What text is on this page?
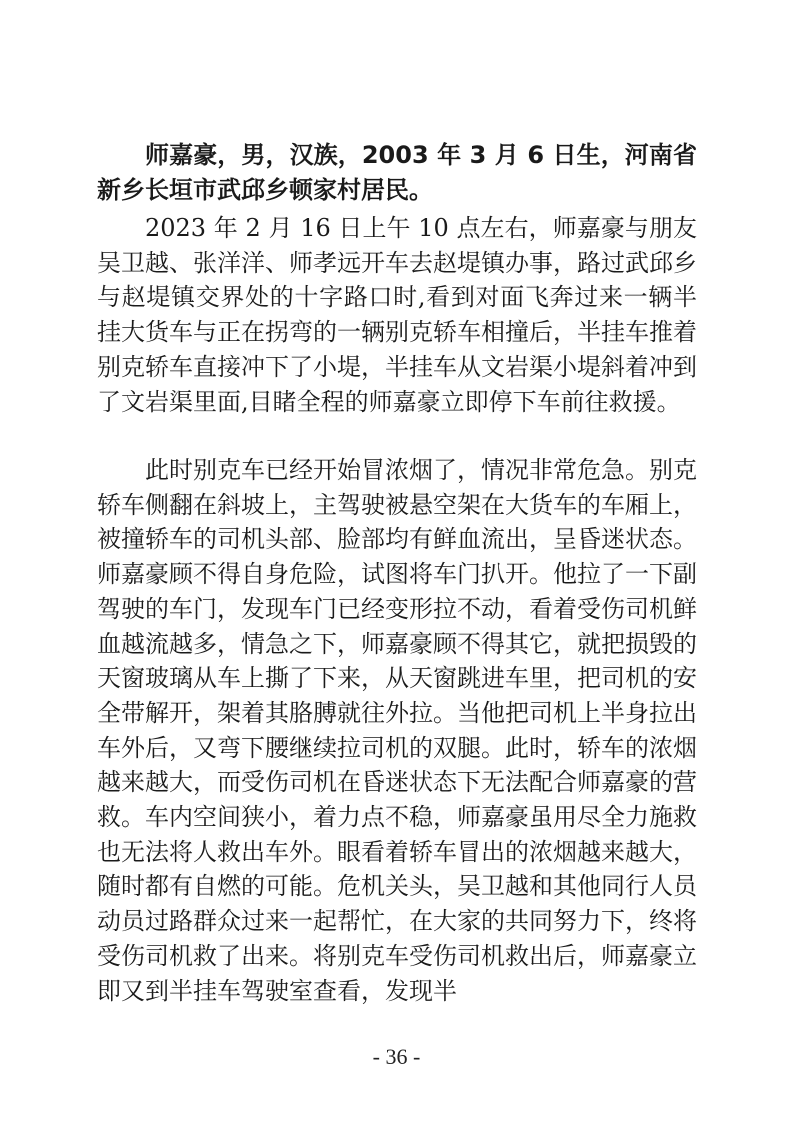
师嘉豪，男，汉族，2003 年 3 月 6 日生，河南省新乡长垣市武邱乡顿家村居民。

2023 年 2 月 16 日上午 10 点左右，师嘉豪与朋友吴卫越、张洋洋、师孝远开车去赵堤镇办事，路过武邱乡与赵堤镇交界处的十字路口时,看到对面飞奔过来一辆半挂大货车与正在拐弯的一辆别克轿车相撞后，半挂车推着别克轿车直接冲下了小堤，半挂车从文岩渠小堤斜着冲到了文岩渠里面,目睹全程的师嘉豪立即停下车前往救援。

此时别克车已经开始冒浓烟了，情况非常危急。别克轿车侧翻在斜坡上，主驾驶被悬空架在大货车的车厢上，被撞轿车的司机头部、脸部均有鲜血流出，呈昏迷状态。师嘉豪顾不得自身危险，试图将车门扒开。他拉了一下副驾驶的车门，发现车门已经变形拉不动，看着受伤司机鲜血越流越多，情急之下，师嘉豪顾不得其它，就把损毁的天窗玻璃从车上撕了下来，从天窗跳进车里，把司机的安全带解开，架着其胳膊就往外拉。当他把司机上半身拉出车外后，又弯下腰继续拉司机的双腿。此时，轿车的浓烟越来越大，而受伤司机在昏迷状态下无法配合师嘉豪的营救。车内空间狭小，着力点不稳，师嘉豪虽用尽全力施救也无法将人救出车外。眼看着轿车冒出的浓烟越来越大，随时都有自燃的可能。危机关头，吴卫越和其他同行人员动员过路群众过来一起帮忙，在大家的共同努力下，终将受伤司机救了出来。将别克车受伤司机救出后，师嘉豪立即又到半挂车驾驶室查看，发现半

- 36 -
